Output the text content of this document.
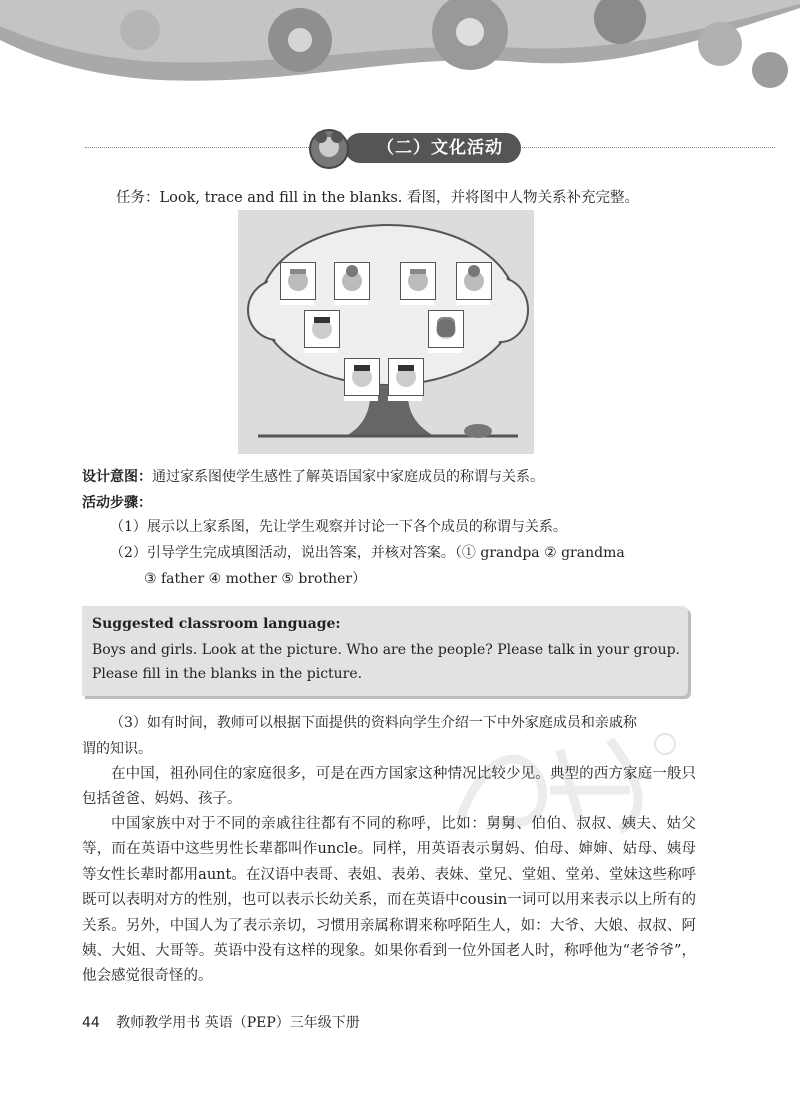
（二）文化活动
任务：Look, trace and fill in the blanks. 看图，并将图中人物关系补充完整。
设计意图：通过家系图使学生感性了解英语国家中家庭成员的称谓与关系。
活动步骤：
（1）展示以上家系图，先让学生观察并讨论一下各个成员的称谓与关系。
（2）引导学生完成填图活动，说出答案，并核对答案。（① grandpa ② grandma
③ father ④ mother ⑤ brother）
Suggested classroom language:
Boys and girls. Look at the picture. Who are the people? Please talk in your group.
Please fill in the blanks in the picture.
（3）如有时间，教师可以根据下面提供的资料向学生介绍一下中外家庭成员和亲戚称
谓的知识。
在中国，祖孙同住的家庭很多，可是在西方国家这种情况比较少见。典型的西方家庭一般只包括爸爸、妈妈、孩子。
中国家族中对于不同的亲戚往往都有不同的称呼，比如：舅舅、伯伯、叔叔、姨夫、姑父等，而在英语中这些男性长辈都叫作uncle。同样，用英语表示舅妈、伯母、婶婶、姑母、姨母等女性长辈时都用aunt。在汉语中表哥、表姐、表弟、表妹、堂兄、堂姐、堂弟、堂妹这些称呼既可以表明对方的性别，也可以表示长幼关系，而在英语中cousin一词可以用来表示以上所有的关系。另外，中国人为了表示亲切，习惯用亲属称谓来称呼陌生人，如：大爷、大娘、叔叔、阿姨、大姐、大哥等。英语中没有这样的现象。如果你看到一位外国老人时，称呼他为“老爷爷”，他会感觉很奇怪的。
44 教师教学用书 英语（PEP）三年级下册
